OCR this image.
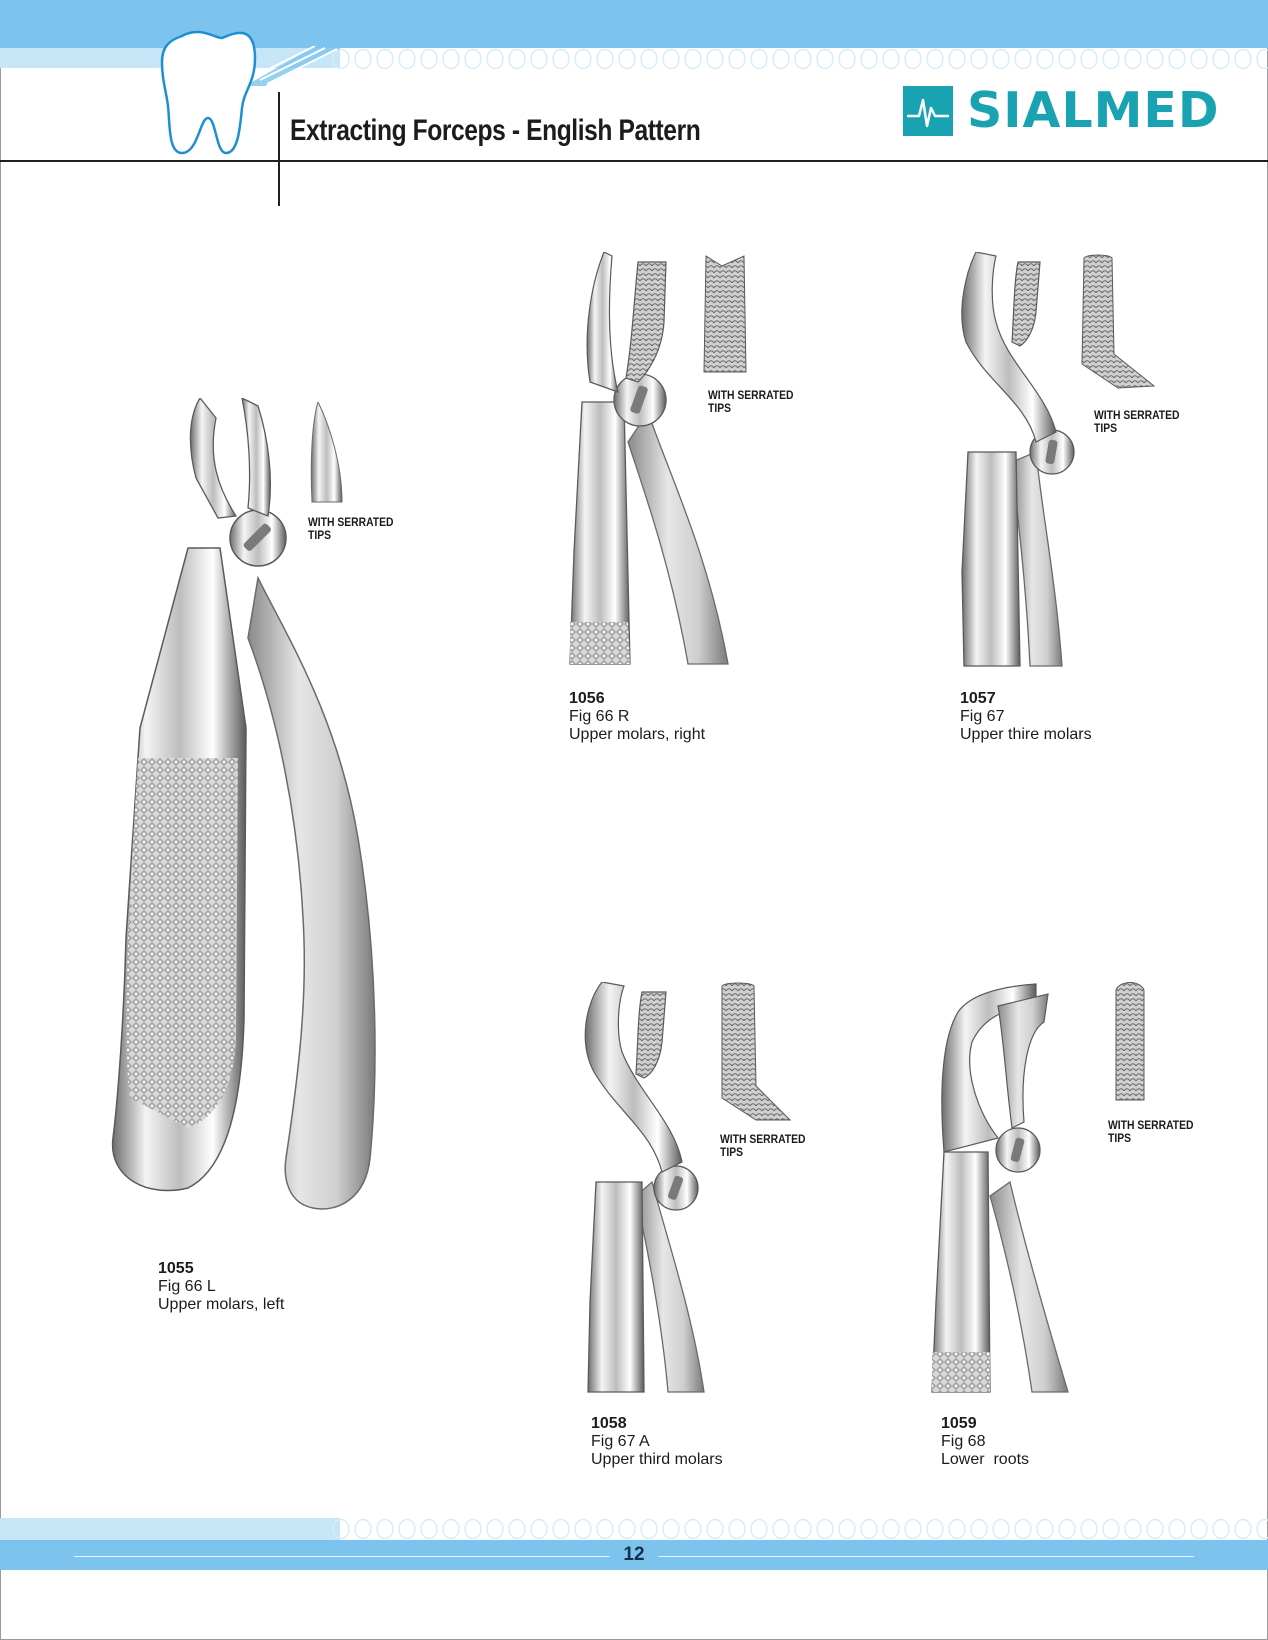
Extracting Forceps - English Pattern	SIALMED
WITH SERRATED
TIPS
1055
Fig 66 L
Upper molars, left
WITH SERRATED
TIPS
1056
Fig 66 R
Upper molars, right
WITH SERRATED
TIPS
1057
Fig 67
Upper thire molars
WITH SERRATED
TIPS
1058
Fig 67 A
Upper third molars
WITH SERRATED
TIPS
1059
Fig 68
Lower  roots
12
